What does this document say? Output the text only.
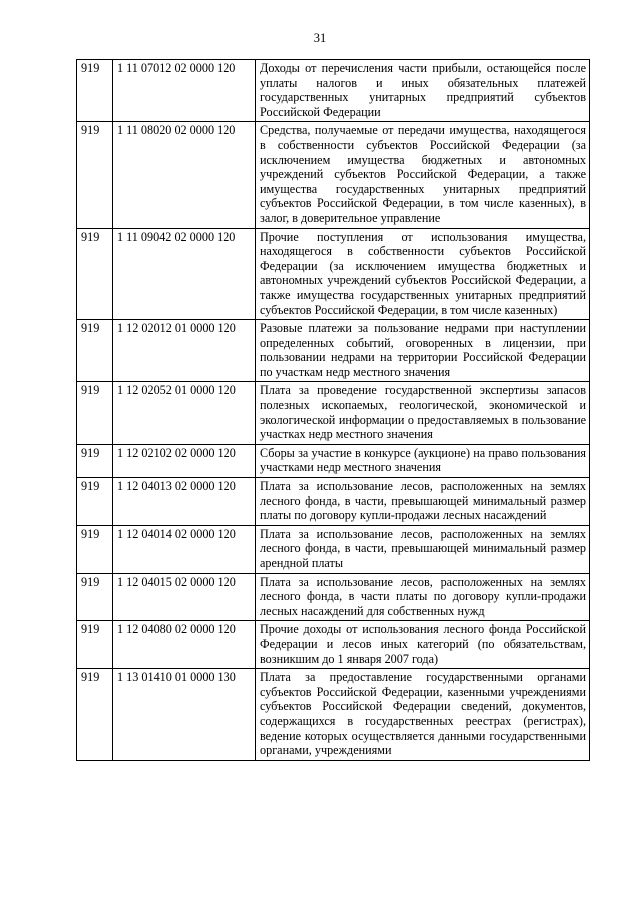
31
919	1 11 07012 02 0000 120	Доходы от перечисления части прибыли, остающейся после уплаты налогов и иных обязательных платежей государственных унитарных предприятий субъектов Российской Федерации
919	1 11 08020 02 0000 120	Средства, получаемые от передачи имущества, находящегося в собственности субъектов Российской Федерации (за исключением имущества бюджетных и автономных учреждений субъектов Российской Федерации, а также имущества государственных унитарных предприятий субъектов Российской Федерации, в том числе казенных), в залог, в доверительное управление
919	1 11 09042 02 0000 120	Прочие поступления от использования имущества, находящегося в собственности субъектов Российской Федерации (за исключением имущества бюджетных и автономных учреждений субъектов Российской Федерации, а также имущества государственных унитарных предприятий субъектов Российской Федерации, в том числе казенных)
919	1 12 02012 01 0000 120	Разовые платежи за пользование недрами при наступлении определенных событий, оговоренных в лицензии, при пользовании недрами на территории Российской Федерации по участкам недр местного значения
919	1 12 02052 01 0000 120	Плата за проведение государственной экспертизы запасов полезных ископаемых, геологической, экономической и экологической информации о предоставляемых в пользование участках недр местного значения
919	1 12 02102 02 0000 120	Сборы за участие в конкурсе (аукционе) на право пользования участками недр местного значения
919	1 12 04013 02 0000 120	Плата за использование лесов, расположенных на землях лесного фонда, в части, превышающей минимальный размер платы по договору купли-продажи лесных насаждений
919	1 12 04014 02 0000 120	Плата за использование лесов, расположенных на землях лесного фонда, в части, превышающей минимальный размер арендной платы
919	1 12 04015 02 0000 120	Плата за использование лесов, расположенных на землях лесного фонда, в части платы по договору купли-продажи лесных насаждений для собственных нужд
919	1 12 04080 02 0000 120	Прочие доходы от использования лесного фонда Российской Федерации и лесов иных категорий (по обязательствам, возникшим до 1 января 2007 года)
919	1 13 01410 01 0000 130	Плата за предоставление государственными органами субъектов Российской Федерации, казенными учреждениями субъектов Российской Федерации сведений, документов, содержащихся в государственных реестрах (регистрах), ведение которых осуществляется данными государственными органами, учреждениями
